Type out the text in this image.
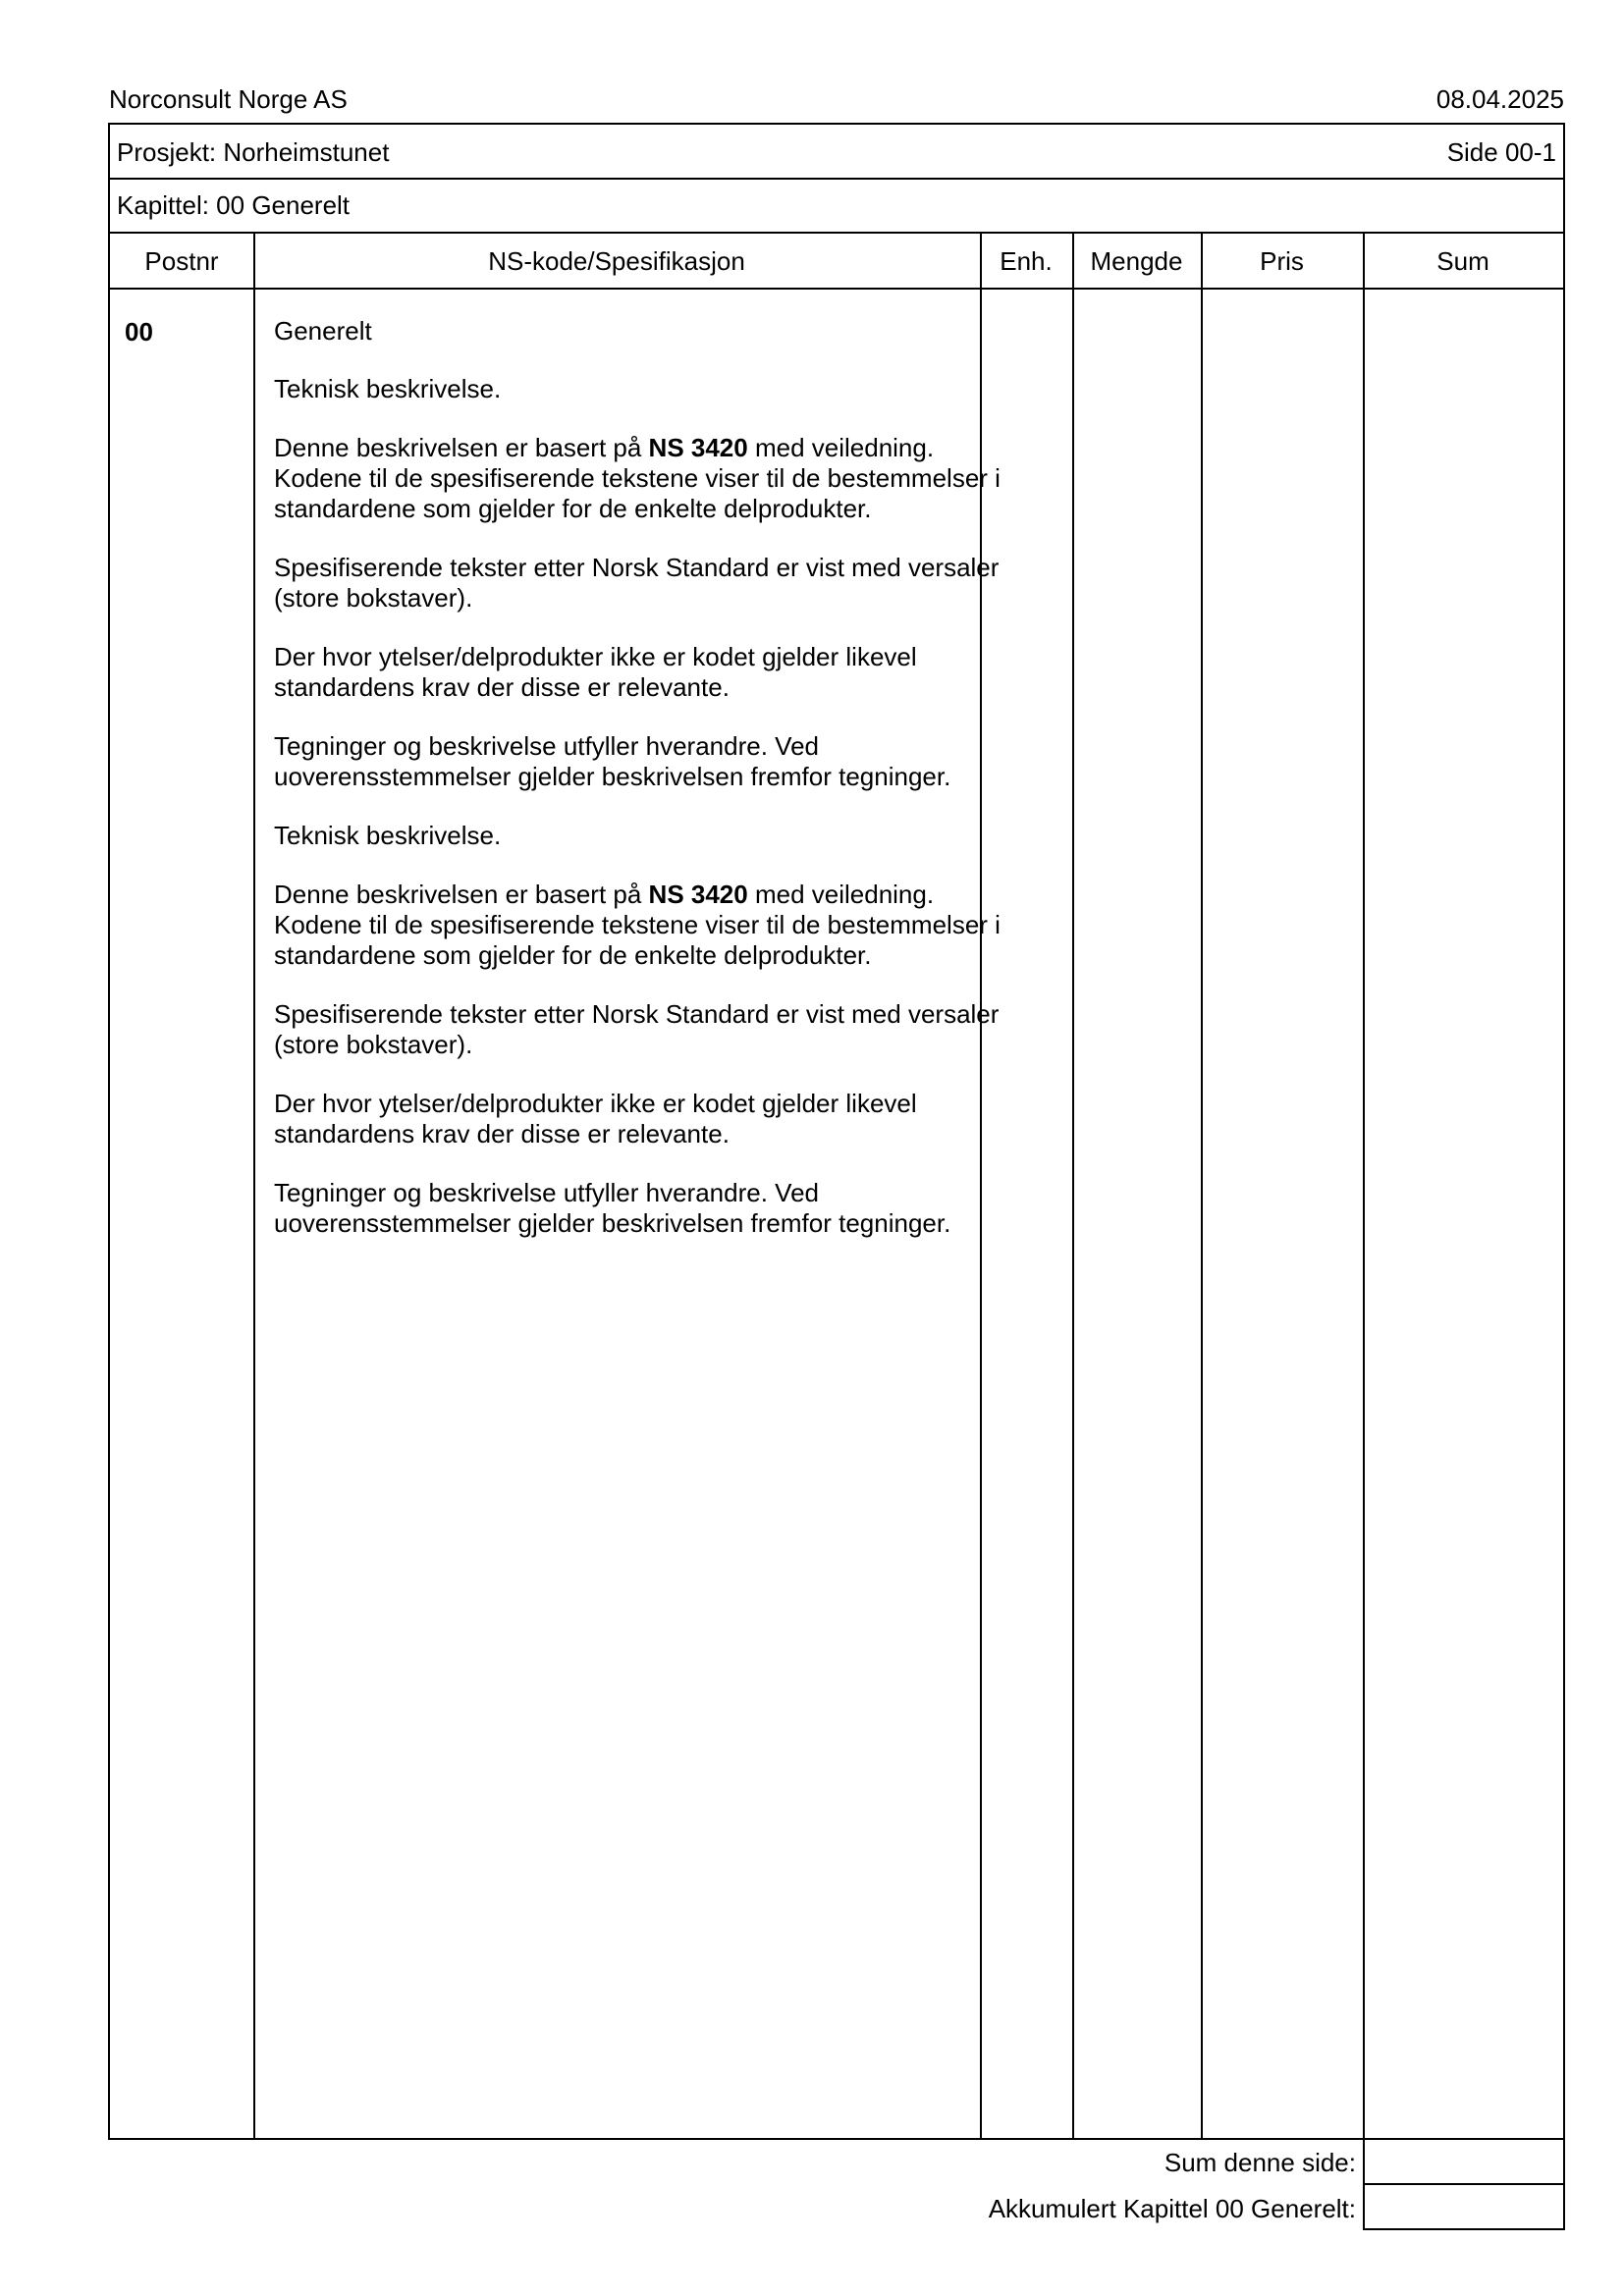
Norconsult Norge AS	08.04.2025
Prosjekt: Norheimstunet	Side 00-1
Kapittel: 00 Generelt
Postnr	NS-kode/Spesifikasjon	Enh.	Mengde	Pris	Sum
00	Generelt

Teknisk beskrivelse.

Denne beskrivelsen er basert på NS 3420 med veiledning. Kodene til de spesifiserende tekstene viser til de bestemmelser i standardene som gjelder for de enkelte delprodukter.

Spesifiserende tekster etter Norsk Standard er vist med versaler (store bokstaver).

Der hvor ytelser/delprodukter ikke er kodet gjelder likevel standardens krav der disse er relevante.

Tegninger og beskrivelse utfyller hverandre. Ved uoverensstemmelser gjelder beskrivelsen fremfor tegninger.

Teknisk beskrivelse.

Denne beskrivelsen er basert på NS 3420 med veiledning. Kodene til de spesifiserende tekstene viser til de bestemmelser i standardene som gjelder for de enkelte delprodukter.

Spesifiserende tekster etter Norsk Standard er vist med versaler (store bokstaver).

Der hvor ytelser/delprodukter ikke er kodet gjelder likevel standardens krav der disse er relevante.

Tegninger og beskrivelse utfyller hverandre. Ved uoverensstemmelser gjelder beskrivelsen fremfor tegninger.

Sum denne side:
Akkumulert Kapittel 00 Generelt:
